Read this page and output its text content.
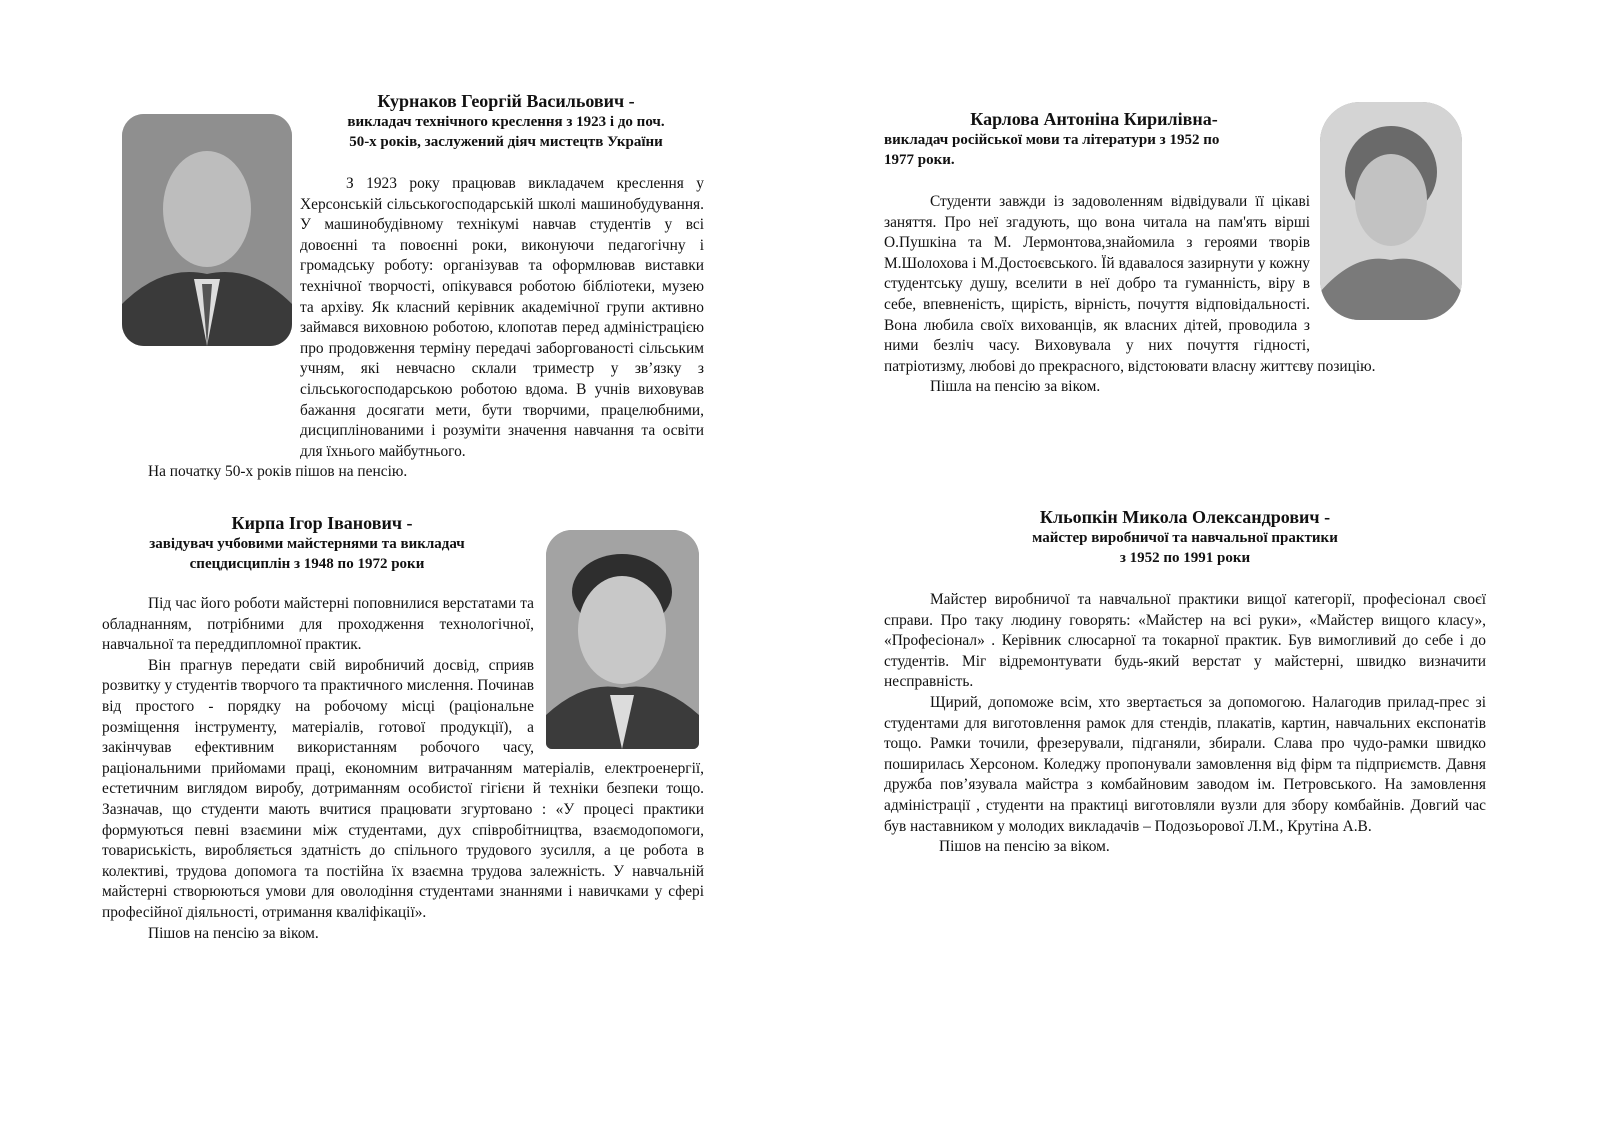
Курнаков Георгій Васильович -

викладач технічного креслення з 1923 і до поч.

50-х років, заслужений діяч мистецтв України

З 1923 року працював викладачем креслення у Херсонській сільськогосподарській школі машинобудування. У машинобудівному технікумі навчав студентів у всі довоєнні та повоєнні роки, виконуючи педагогічну і громадську роботу: організував та оформлював виставки технічної творчості, опікувався роботою бібліотеки, музею та архіву. Як класний керівник академічної групи активно займався виховною роботою, клопотав перед адміністрацією про продовження терміну передачі заборгованості сільським учням, які невчасно склали триместр у зв’язку з сільськогосподарською роботою вдома. В учнів виховував бажання досягати мети, бути творчими, працелюбними, дисциплінованими і розуміти значення навчання та освіти для їхнього майбутнього.

На початку 50-х років пішов на пенсію.

Карлова Антоніна Кирилівна-

викладач російської мови та літератури з 1952 по

1977 роки.

Студенти завжди із задоволенням відвідували її цікаві заняття. Про неї згадують, що вона читала на пам'ять вірші О.Пушкіна та М. Лермонтова,знайомила з героями творів М.Шолохова і М.Достоєвського. Їй вдавалося зазирнути у кожну студентську душу, вселити в неї добро та гуманність, віру в себе, впевненість, щирість, вірність, почуття відповідальності. Вона любила своїх вихованців, як власних дітей, проводила з ними безліч часу. Виховувала у них почуття гідності, патріотизму, любові до прекрасного, відстоювати власну життєву позицію.

Пішла на пенсію за віком.

Кирпа Ігор Іванович -

завідувач учбовими майстернями та викладач

спецдисциплін з 1948 по 1972 роки

Під час його роботи майстерні поповнилися верстатами та обладнанням, потрібними для проходження технологічної, навчальної та переддипломної практик.

Він прагнув передати свій виробничий досвід, сприяв розвитку у студентів творчого та практичного мислення. Починав від простого - порядку на робочому місці (раціональне розміщення інструменту, матеріалів, готової продукції), а закінчував ефективним використанням робочого часу, раціональними прийомами праці, економним витрачанням матеріалів, електроенергії, естетичним виглядом виробу, дотриманням особистої гігієни й техніки безпеки тощо. Зазначав, що студенти мають вчитися працювати згуртовано : «У процесі практики формуються певні взаємини між студентами, дух співробітництва, взаємодопомоги, товариськість, виробляється здатність до спільного трудового зусилля, а це робота в колективі, трудова допомога та постійна їх взаємна трудова залежність. У навчальній майстерні створюються умови для оволодіння студентами знаннями і навичками у сфері професійної діяльності, отримання кваліфікації».

Пішов на пенсію за віком.

Кльопкін Микола Олександрович -

майстер виробничої та навчальної практики

з 1952 по 1991 роки

Майстер виробничої та навчальної практики вищої категорії, професіонал своєї справи. Про таку людину говорять: «Майстер на всі руки», «Майстер вищого класу», «Професіонал» . Керівник слюсарної та токарної практик. Був вимогливий до себе і до студентів. Міг відремонтувати будь-який верстат у майстерні, швидко визначити несправність.

Щирий, допоможе всім, хто звертається за допомогою. Налагодив прилад-прес зі студентами для виготовлення рамок для стендів, плакатів, картин, навчальних експонатів тощо. Рамки точили, фрезерували, підганяли, збирали. Слава про чудо-рамки швидко поширилась Херсоном. Коледжу пропонували замовлення від фірм та підприємств. Давня дружба пов’язувала майстра з комбайновим заводом ім. Петровського. На замовлення адміністрації , студенти на практиці виготовляли вузли для збору комбайнів. Довгий час був наставником у молодих викладачів – Подозьорової Л.М., Крутіна А.В.

Пішов на пенсію за віком.
